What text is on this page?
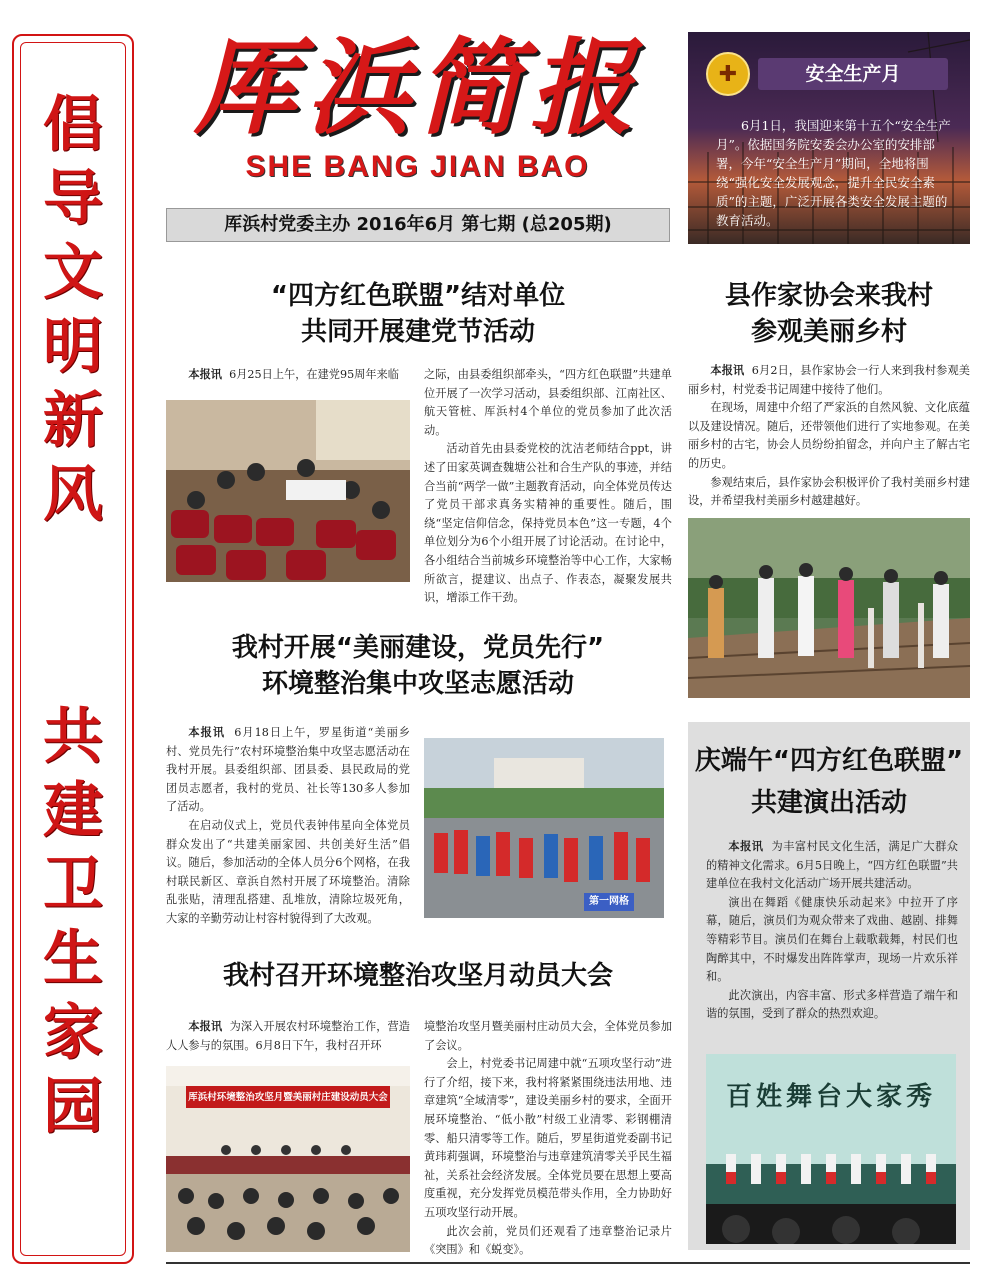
倡
导
文
明
新
风
共
建
卫
生
家
园
厍浜简报
SHE BANG JIAN BAO
厍浜村党委主办 2016年6月 第七期 (总205期)
✚	安全生产月
6月1日，我国迎来第十五个“安全生产月”。依据国务院安委会办公室的安排部署，今年“安全生产月”期间，全地将围绕“强化安全发展观念，提升全民安全素质”的主题，广泛开展各类安全发展主题的教育活动。
“四方红色联盟”结对单位
共同开展建党节活动

本报讯 6月25日上午，在建党95周年来临	之际，由县委组织部牵头，“四方红色联盟”共建单位开展了一次学习活动，县委组织部、江南社区、航天管桩、厍浜村4个单位的党员参加了此次活动。

活动首先由县委党校的沈洁老师结合ppt，讲述了田家英调查魏塘公社和合生产队的事迹，并结合当前“两学一做”主题教育活动，向全体党员传达了党员干部求真务实精神的重要性。随后，围绕“坚定信仰信念，保持党员本色”这一专题，4个单位划分为6个小组开展了讨论活动。在讨论中，各小组结合当前城乡环境整治等中心工作，大家畅所欲言，提建议、出点子、作表态，凝聚发展共识，增添工作干劲。

县作家协会来我村
参观美丽乡村

本报讯 6月2日，县作家协会一行人来到我村参观美丽乡村，村党委书记周建中接待了他们。

在现场，周建中介绍了严家浜的自然风貌、文化底蕴以及建设情况。随后，还带领他们进行了实地参观。在美丽乡村的古宅，协会人员纷纷拍留念，并向户主了解古宅的历史。

参观结束后，县作家协会积极评价了我村美丽乡村建设，并希望我村美丽乡村越建越好。

我村开展“美丽建设，党员先行”
环境整治集中攻坚志愿活动

本报讯 6月18日上午，罗星街道“美丽乡村、党员先行”农村环境整治集中攻坚志愿活动在我村开展。县委组织部、团县委、县民政局的党团员志愿者，我村的党员、社长等130多人参加了活动。

在启动仪式上，党员代表钟伟星向全体党员群众发出了“共建美丽家园、共创美好生活”倡议。随后，参加活动的全体人员分6个网格，在我村联民新区、章浜自然村开展了环境整治。清除乱张贴，清理乱搭建、乱堆放，清除垃圾死角，大家的辛勤劳动让村容村貌得到了大改观。

第一网格
庆端午“四方红色联盟”
共建演出活动

本报讯 为丰富村民文化生活，满足广大群众的精神文化需求。6月5日晚上，“四方红色联盟”共建单位在我村文化活动广场开展共建活动。

演出在舞蹈《健康快乐动起来》中拉开了序幕，随后，演员们为观众带来了戏曲、越剧、排舞等精彩节目。演员们在舞台上载歌载舞，村民们也陶醉其中，不时爆发出阵阵掌声，现场一片欢乐祥和。

此次演出，内容丰富、形式多样营造了端午和谐的氛围，受到了群众的热烈欢迎。

百姓舞台大家秀
我村召开环境整治攻坚月动员大会

本报讯 为深入开展农村环境整治工作，营造人人参与的氛围。6月8日下午，我村召开环

厍浜村环境整治攻坚月暨美丽村庄建设动员大会

境整治攻坚月暨美丽村庄动员大会，全体党员参加了会议。

会上，村党委书记周建中就“五项攻坚行动”进行了介绍，接下来，我村将紧紧围绕违法用地、违章建筑“全域清零”，建设美丽乡村的要求，全面开展环境整治、“低小散”村级工业清零、彩钢棚清零、船只清零等工作。随后，罗星街道党委副书记黄玮莉强调，环境整治与违章建筑清零关乎民生福祉，关系社会经济发展。全体党员要在思想上要高度重视，充分发挥党员模范带头作用，全力协助好五项攻坚行动开展。

此次会前，党员们还观看了违章整治记录片《突围》和《蜕变》。
